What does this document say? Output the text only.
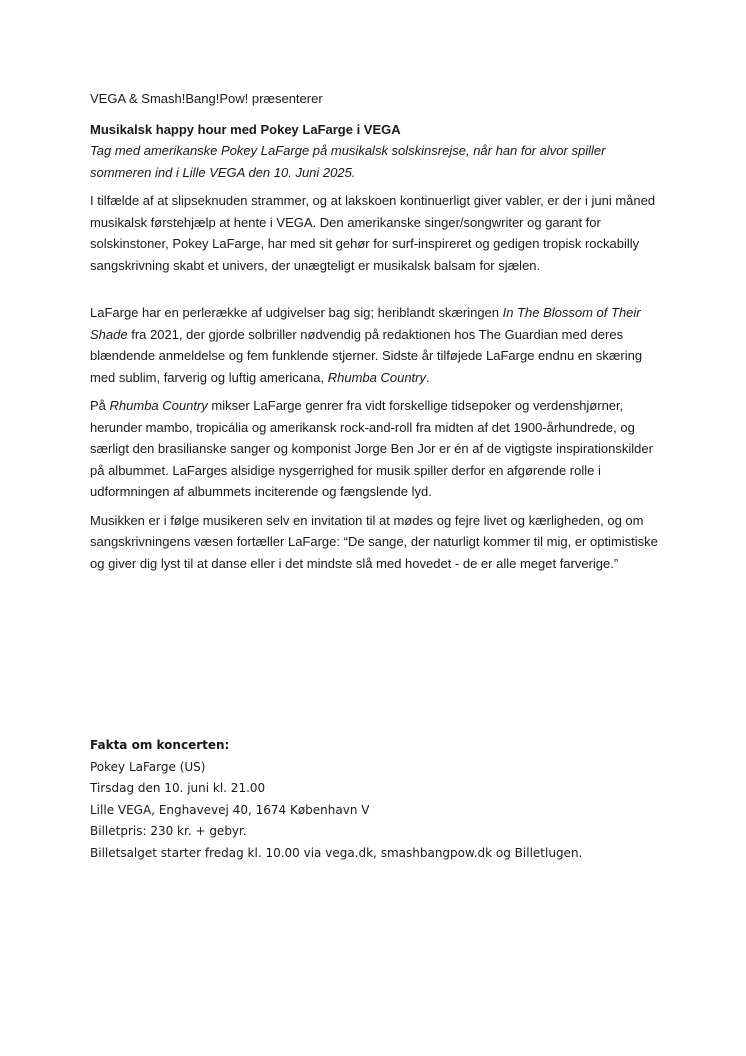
VEGA & Smash!Bang!Pow! præsenterer

Musikalsk happy hour med Pokey LaFarge i VEGA

Tag med amerikanske Pokey LaFarge på musikalsk solskinsrejse, når han for alvor spiller sommeren ind i Lille VEGA den 10. Juni 2025.

I tilfælde af at slipseknuden strammer, og at lakskoen kontinuerligt giver vabler, er der i juni måned musikalsk førstehjælp at hente i VEGA. Den amerikanske singer/songwriter og garant for solskinstoner, Pokey LaFarge, har med sit gehør for surf-inspireret og gedigen tropisk rockabilly sangskrivning skabt et univers, der unægteligt er musikalsk balsam for sjælen.

LaFarge har en perlerække af udgivelser bag sig; heriblandt skæringen In The Blossom of Their Shade fra 2021, der gjorde solbriller nødvendig på redaktionen hos The Guardian med deres blændende anmeldelse og fem funklende stjerner. Sidste år tilføjede LaFarge endnu en skæring med sublim, farverig og luftig americana, Rhumba Country.

På Rhumba Country mikser LaFarge genrer fra vidt forskellige tidsepoker og verdenshjørner, herunder mambo, tropicália og amerikansk rock-and-roll fra midten af det 1900-århundrede, og særligt den brasilianske sanger og komponist Jorge Ben Jor er én af de vigtigste inspirationskilder på albummet. LaFarges alsidige nysgerrighed for musik spiller derfor en afgørende rolle i udformningen af albummets inciterende og fængslende lyd.

Musikken er i følge musikeren selv en invitation til at mødes og fejre livet og kærligheden, og om sangskrivningens væsen fortæller LaFarge: “De sange, der naturligt kommer til mig, er optimistiske og giver dig lyst til at danse eller i det mindste slå med hovedet - de er alle meget farverige.”

Fakta om koncerten:

Pokey LaFarge (US)

Tirsdag den 10. juni kl. 21.00

Lille VEGA, Enghavevej 40, 1674 København V

Billetpris: 230 kr. + gebyr.

Billetsalget starter fredag kl. 10.00 via vega.dk, smashbangpow.dk og Billetlugen.
